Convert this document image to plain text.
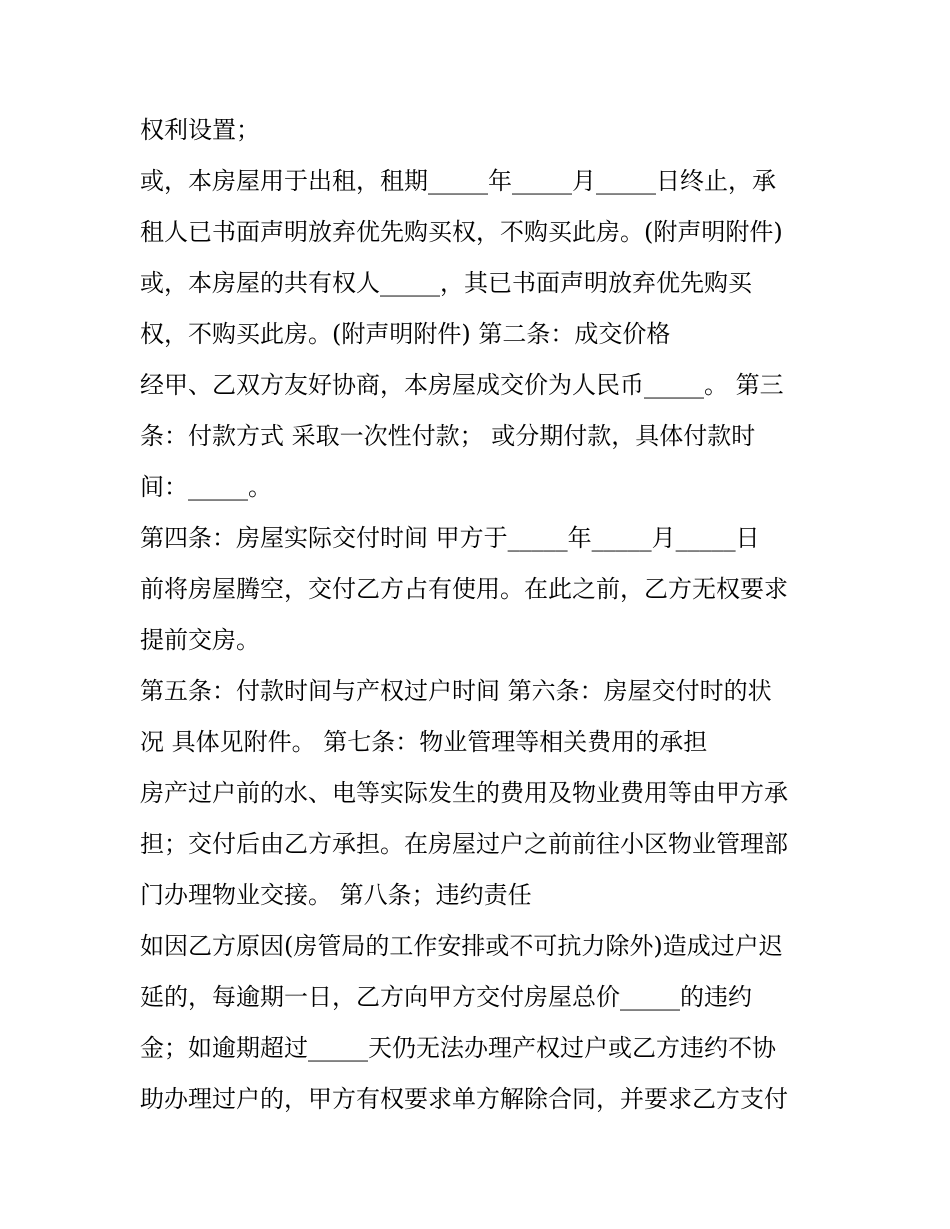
权利设置；
或，本房屋用于出租，租期_____年_____月_____日终止，承
租人已书面声明放弃优先购买权，不购买此房。(附声明附件)
或，本房屋的共有权人_____，其已书面声明放弃优先购买
权，不购买此房。(附声明附件) 第二条：成交价格
经甲、乙双方友好协商，本房屋成交价为人民币_____。 第三
条：付款方式 采取一次性付款； 或分期付款，具体付款时
间：_____。
第四条：房屋实际交付时间 甲方于_____年_____月_____日
前将房屋腾空，交付乙方占有使用。在此之前，乙方无权要求
提前交房。
第五条：付款时间与产权过户时间 第六条：房屋交付时的状
况 具体见附件。 第七条：物业管理等相关费用的承担
房产过户前的水、电等实际发生的费用及物业费用等由甲方承
担；交付后由乙方承担。在房屋过户之前前往小区物业管理部
门办理物业交接。 第八条；违约责任
如因乙方原因(房管局的工作安排或不可抗力除外)造成过户迟
延的，每逾期一日，乙方向甲方交付房屋总价_____的违约
金；如逾期超过_____天仍无法办理产权过户或乙方违约不协
助办理过户的，甲方有权要求单方解除合同，并要求乙方支付
